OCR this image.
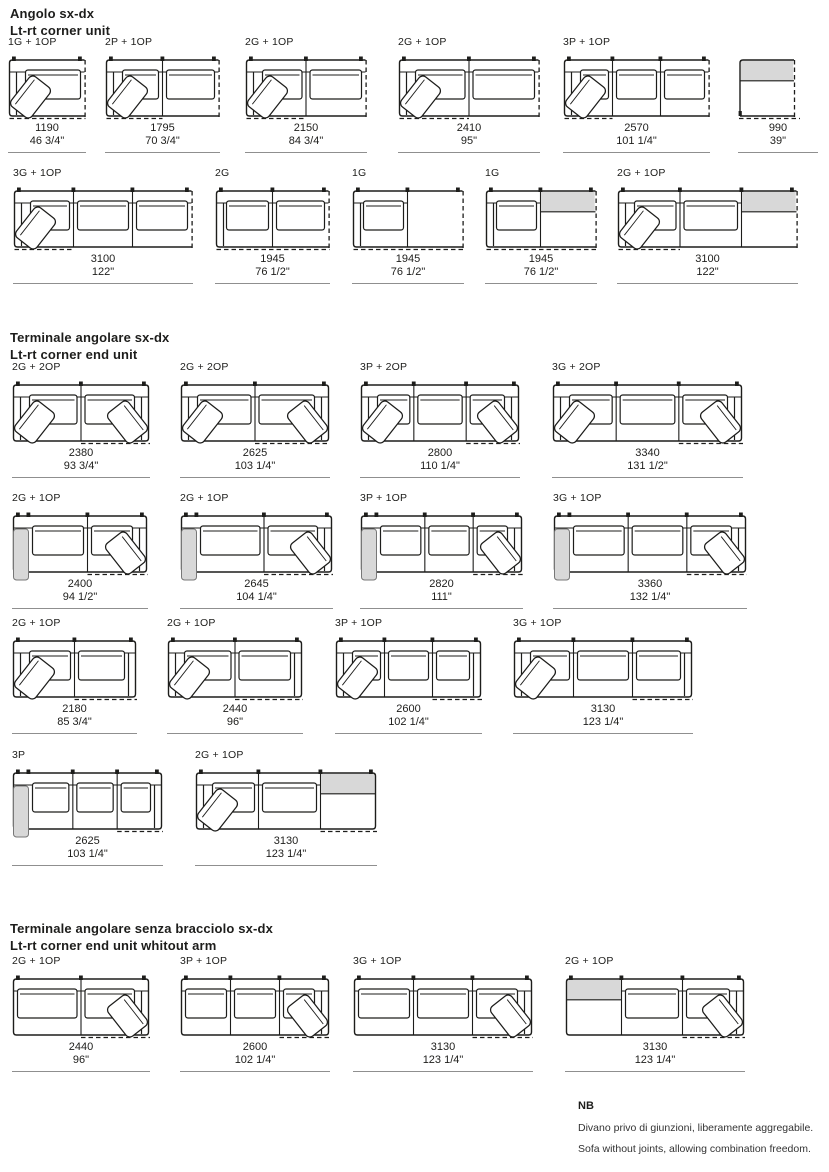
NB
Divano privo di giunzioni, liberamente aggregabile.
Sofa without joints, allowing combination freedom.
Angolo sx-dx
Lt-rt corner unit
1G + 1OP
1190
46 3/4"
2P + 1OP
1795
70 3/4"
2G + 1OP
2150
84 3/4"
2G + 1OP
2410
95"
3P + 1OP
2570
101 1/4"
990
39"
3G + 1OP
3100
122"
2G
1945
76 1/2"
1G
1945
76 1/2"
1G
1945
76 1/2"
2G + 1OP
3100
122"
Terminale angolare sx-dx
Lt-rt corner end unit
2G + 2OP
2380
93 3/4"
2G + 2OP
2625
103 1/4"
3P + 2OP
2800
110 1/4"
3G + 2OP
3340
131 1/2"
2G + 1OP
2400
94 1/2"
2G + 1OP
2645
104 1/4"
3P + 1OP
2820
111"
3G + 1OP
3360
132 1/4"
2G + 1OP
2180
85 3/4"
2G + 1OP
2440
96"
3P + 1OP
2600
102 1/4"
3G + 1OP
3130
123 1/4"
3P
2625
103 1/4"
2G + 1OP
3130
123 1/4"
Terminale angolare senza bracciolo sx-dx
Lt-rt corner end unit whitout arm
2G + 1OP
2440
96"
3P + 1OP
2600
102 1/4"
3G + 1OP
3130
123 1/4"
2G + 1OP
3130
123 1/4"
